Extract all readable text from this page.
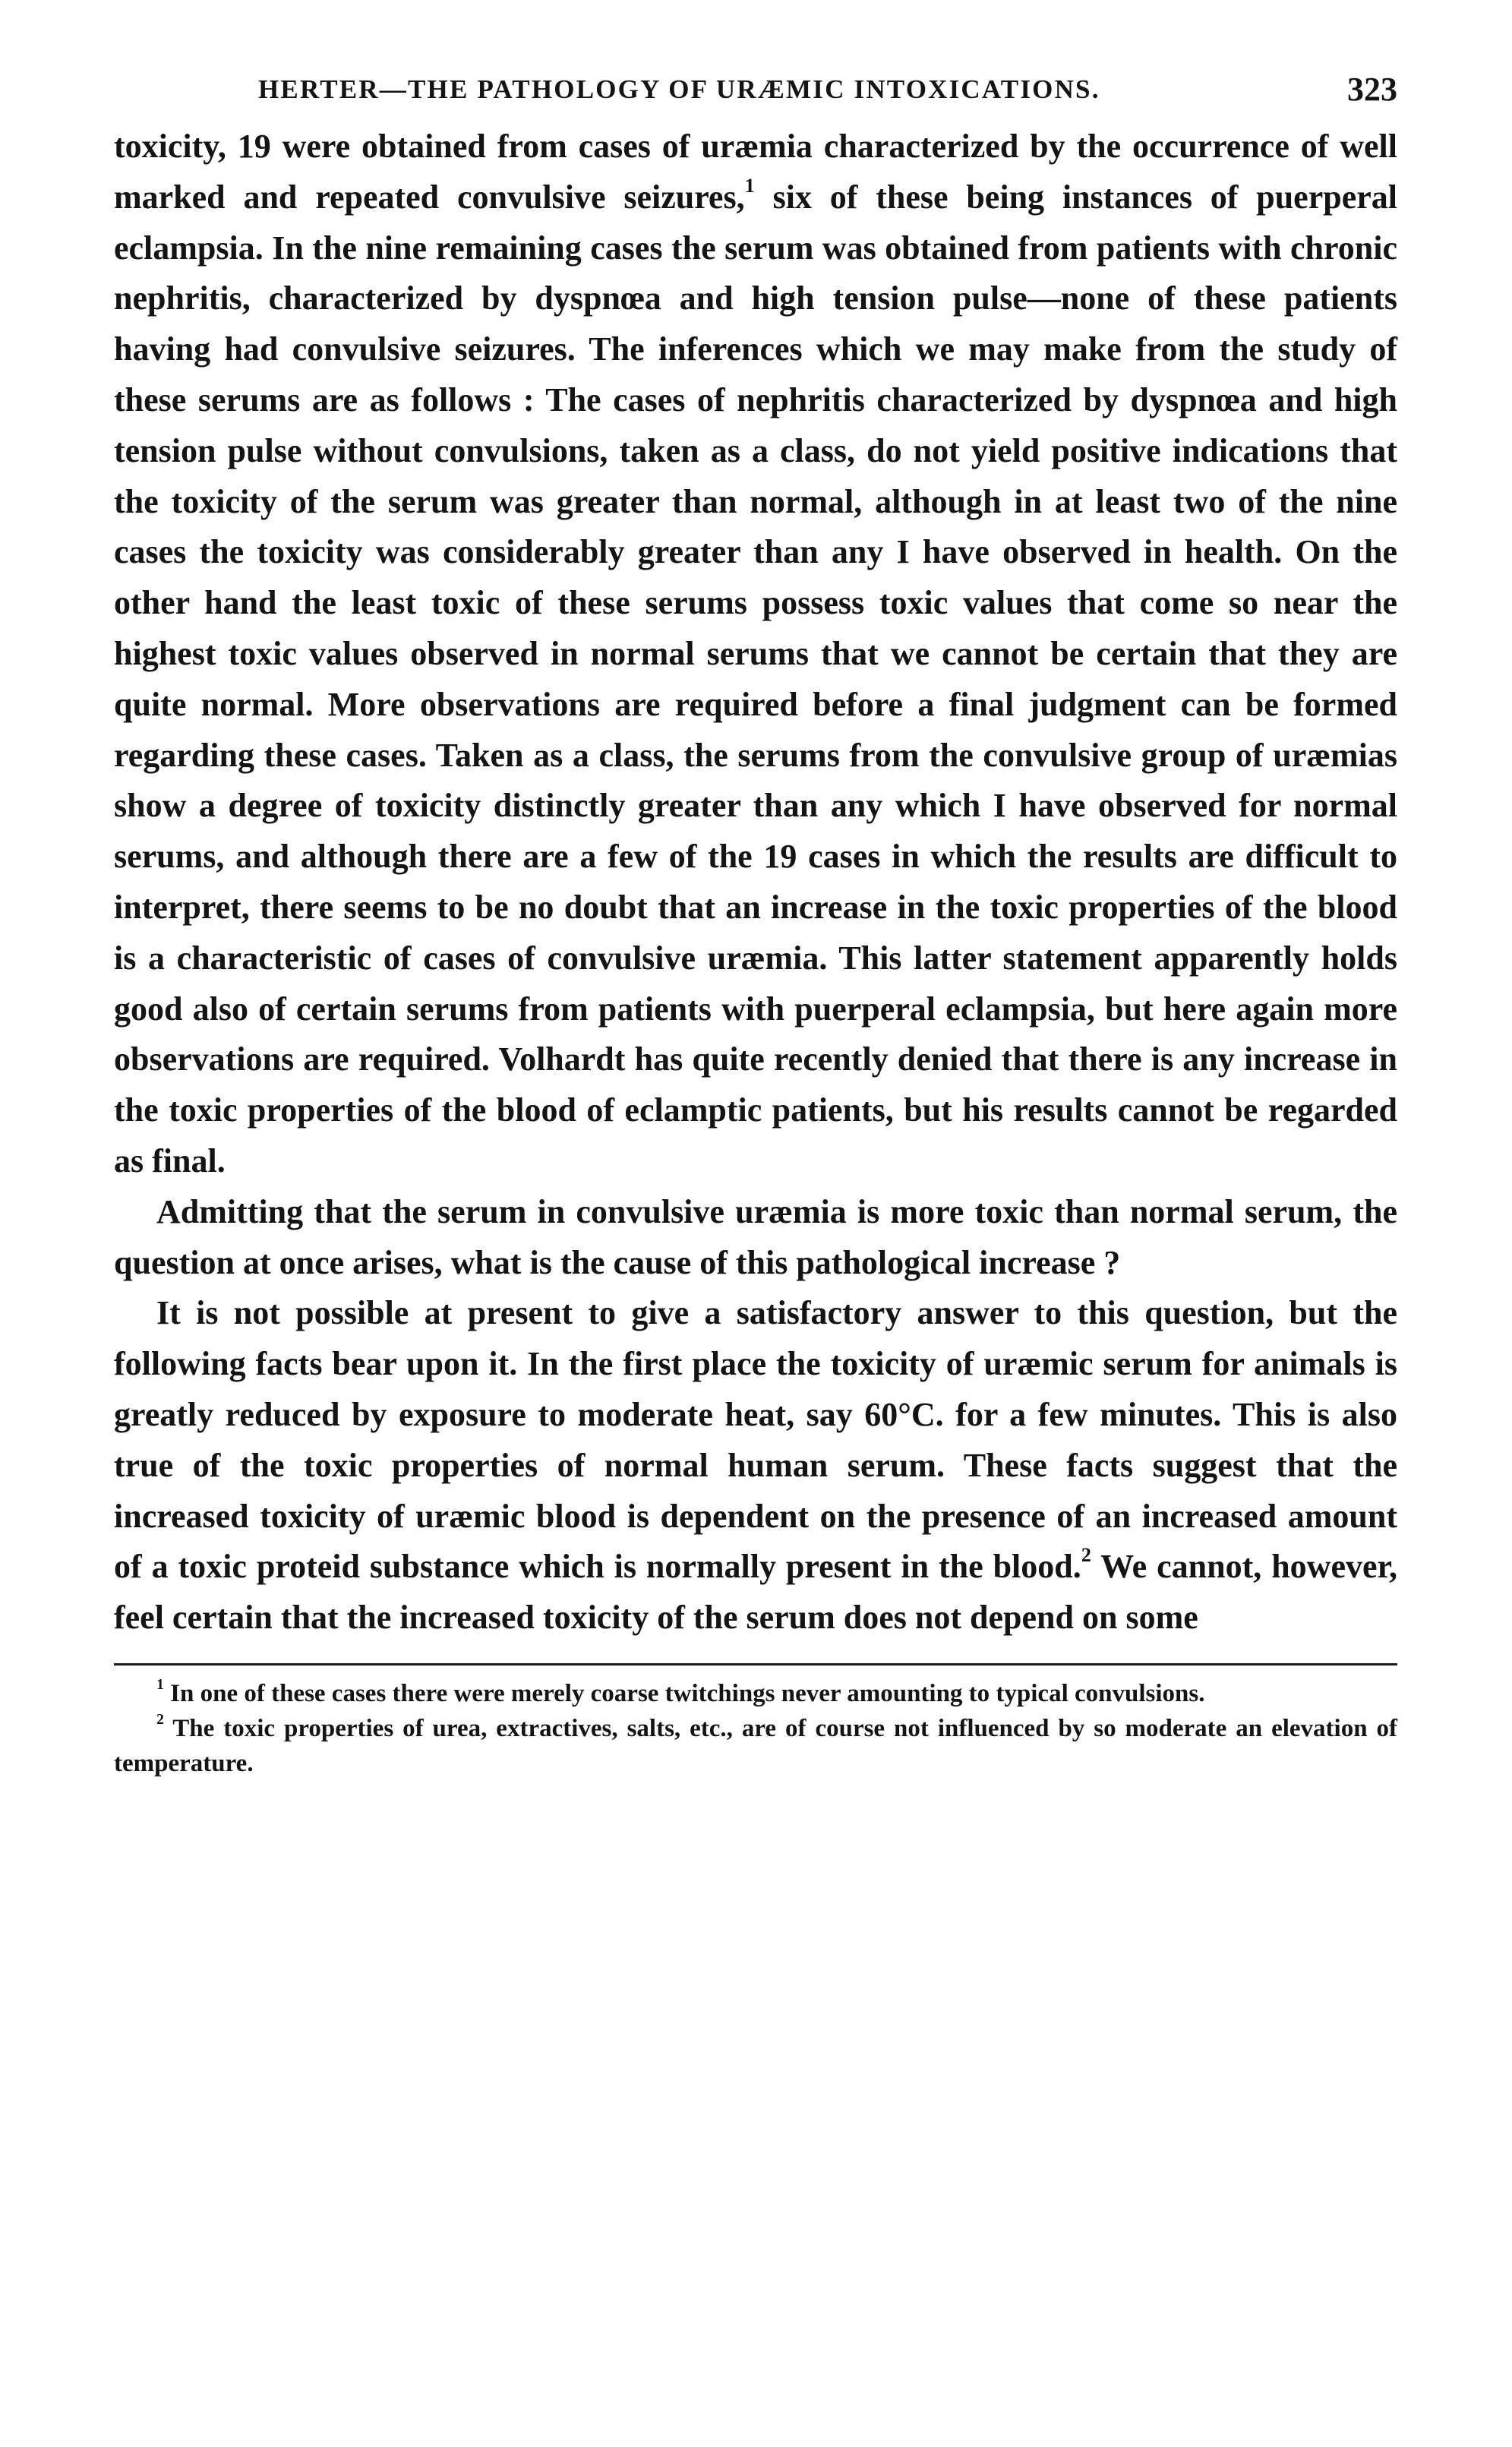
HERTER—THE PATHOLOGY OF URÆMIC INTOXICATIONS.	323

toxicity, 19 were obtained from cases of uræmia characterized by the occurrence of well marked and repeated convulsive seizures,$^1$ six of these being instances of puerperal eclampsia. In the nine remaining cases the serum was obtained from patients with chronic nephritis, characterized by dyspnœa and high tension pulse—none of these patients having had convulsive seizures. The inferences which we may make from the study of these serums are as follows : The cases of nephritis characterized by dyspnœa and high tension pulse without convulsions, taken as a class, do not yield positive indications that the toxicity of the serum was greater than normal, although in at least two of the nine cases the toxicity was considerably greater than any I have observed in health. On the other hand the least toxic of these serums possess toxic values that come so near the highest toxic values observed in normal serums that we cannot be certain that they are quite normal. More observations are required before a final judgment can be formed regarding these cases. Taken as a class, the serums from the convulsive group of uræmias show a degree of toxicity distinctly greater than any which I have observed for normal serums, and although there are a few of the 19 cases in which the results are difficult to interpret, there seems to be no doubt that an increase in the toxic properties of the blood is a characteristic of cases of convulsive uræmia. This latter statement apparently holds good also of certain serums from patients with puerperal eclampsia, but here again more observations are required. Volhardt has quite recently denied that there is any increase in the toxic properties of the blood of eclamptic patients, but his results cannot be regarded as final.

Admitting that the serum in convulsive uræmia is more toxic than normal serum, the question at once arises, what is the cause of this pathological increase ?

It is not possible at present to give a satisfactory answer to this question, but the following facts bear upon it. In the first place the toxicity of uræmic serum for animals is greatly reduced by exposure to moderate heat, say 60°C. for a few minutes. This is also true of the toxic properties of normal human serum. These facts suggest that the increased toxicity of uræmic blood is dependent on the presence of an increased amount of a toxic proteid substance which is normally present in the blood.$^2$ We cannot, however, feel certain that the increased toxicity of the serum does not depend on some

$^1$ In one of these cases there were merely coarse twitchings never amounting to typical convulsions.

$^2$ The toxic properties of urea, extractives, salts, etc., are of course not influenced by so moderate an elevation of temperature.
